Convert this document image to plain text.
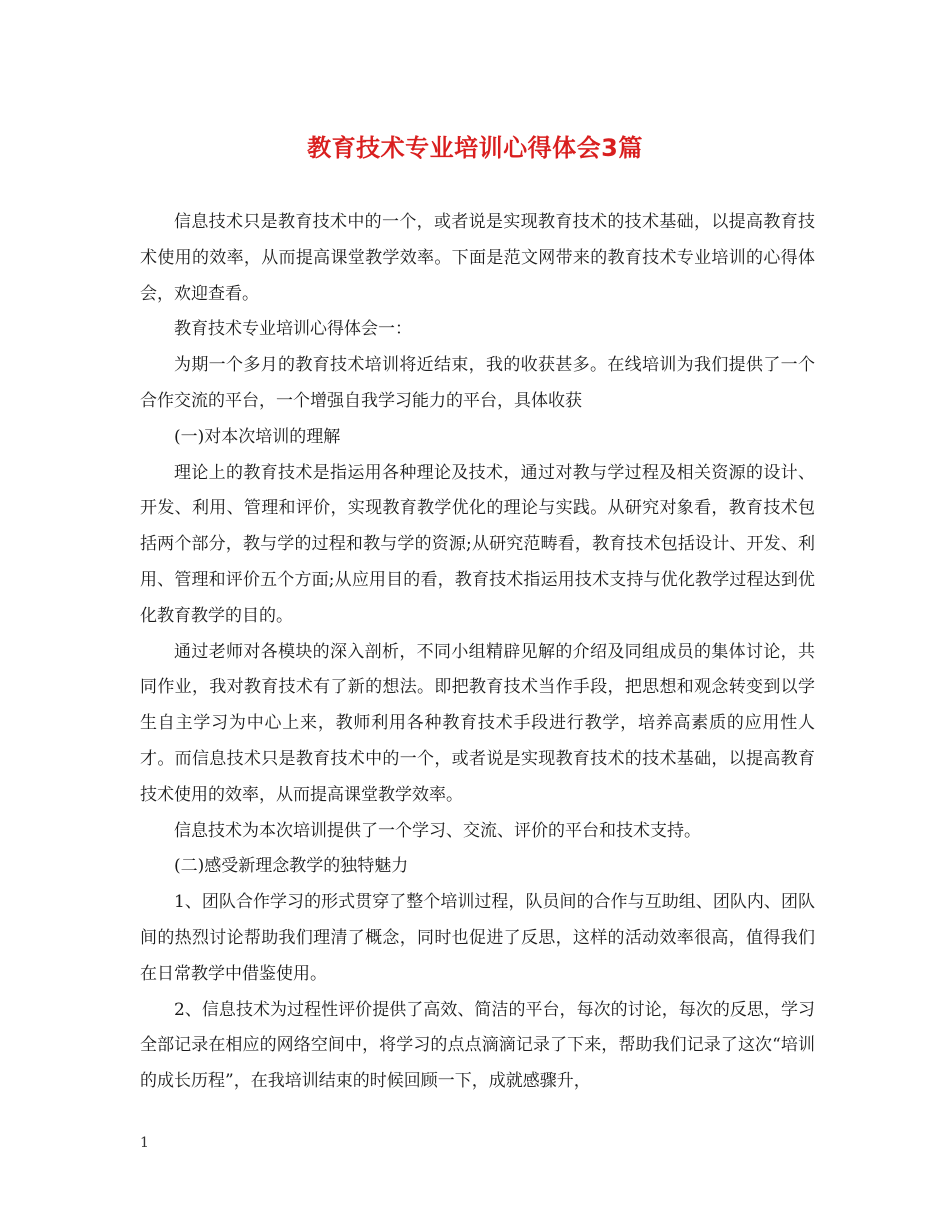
教育技术专业培训心得体会3篇

信息技术只是教育技术中的一个，或者说是实现教育技术的技术基础，以提高教育技术使用的效率，从而提高课堂教学效率。下面是范文网带来的教育技术专业培训的心得体会，欢迎查看。

教育技术专业培训心得体会一：

为期一个多月的教育技术培训将近结束，我的收获甚多。在线培训为我们提供了一个合作交流的平台，一个增强自我学习能力的平台，具体收获

(一)对本次培训的理解

理论上的教育技术是指运用各种理论及技术，通过对教与学过程及相关资源的设计、开发、利用、管理和评价，实现教育教学优化的理论与实践。从研究对象看，教育技术包括两个部分，教与学的过程和教与学的资源;从研究范畴看，教育技术包括设计、开发、利用、管理和评价五个方面;从应用目的看，教育技术指运用技术支持与优化教学过程达到优化教育教学的目的。

通过老师对各模块的深入剖析，不同小组精辟见解的介绍及同组成员的集体讨论，共同作业，我对教育技术有了新的想法。即把教育技术当作手段，把思想和观念转变到以学生自主学习为中心上来，教师利用各种教育技术手段进行教学，培养高素质的应用性人才。而信息技术只是教育技术中的一个，或者说是实现教育技术的技术基础，以提高教育技术使用的效率，从而提高课堂教学效率。

信息技术为本次培训提供了一个学习、交流、评价的平台和技术支持。

(二)感受新理念教学的独特魅力

1、团队合作学习的形式贯穿了整个培训过程，队员间的合作与互助组、团队内、团队间的热烈讨论帮助我们理清了概念，同时也促进了反思，这样的活动效率很高，值得我们在日常教学中借鉴使用。

2、信息技术为过程性评价提供了高效、简洁的平台，每次的讨论，每次的反思，学习全部记录在相应的网络空间中，将学习的点点滴滴记录了下来，帮助我们记录了这次“培训的成长历程”，在我培训结束的时候回顾一下，成就感骤升，

1
